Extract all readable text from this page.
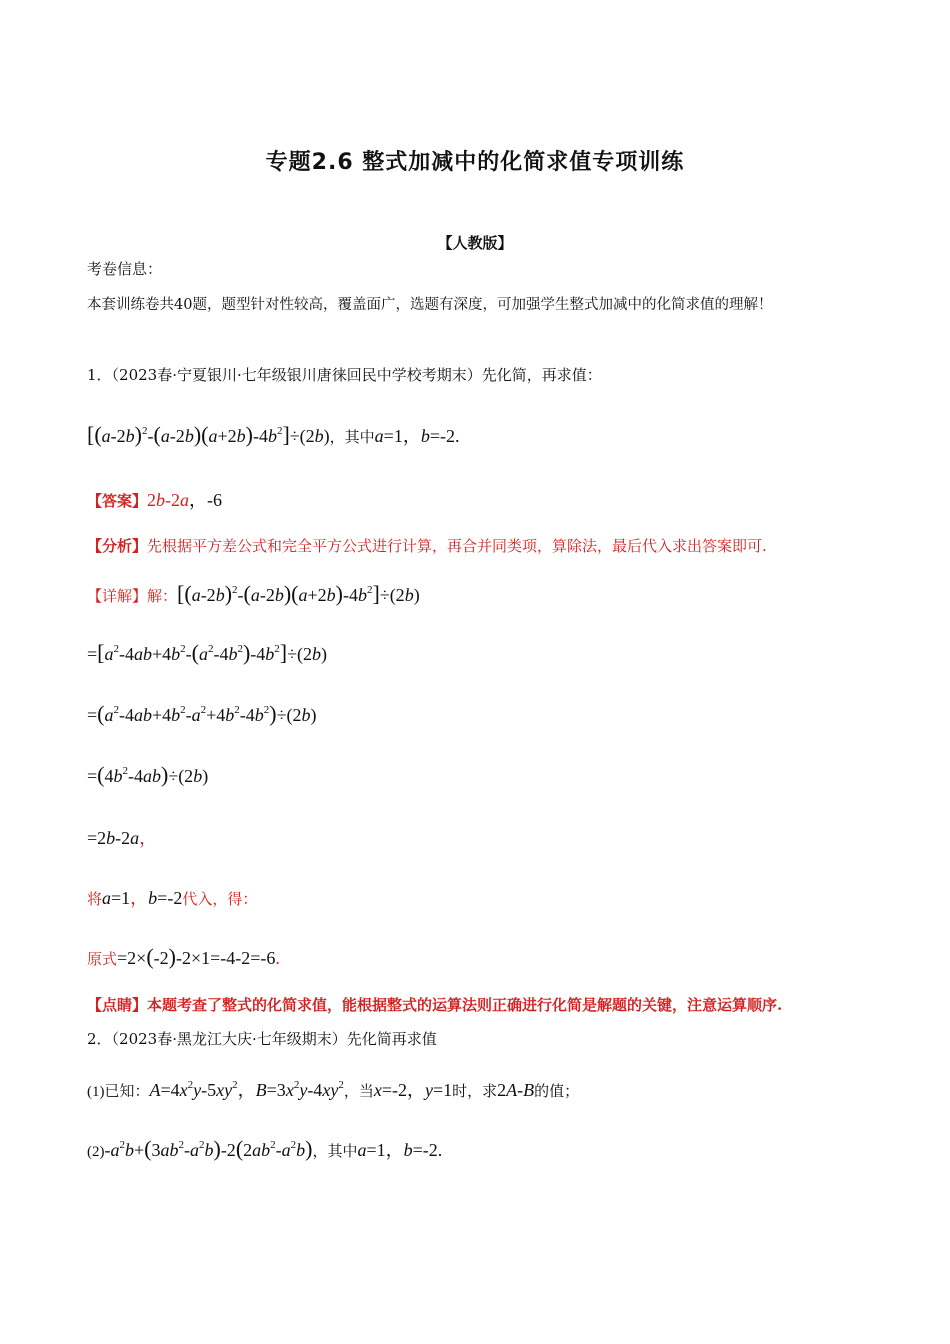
专题2.6 整式加减中的化简求值专项训练
【人教版】
考卷信息：
本套训练卷共40题，题型针对性较高，覆盖面广，选题有深度，可加强学生整式加减中的化简求值的理解！
1．（2023春·宁夏银川·七年级银川唐徕回民中学校考期末）先化简，再求值：
$[(a-2b)^2-(a-2b)(a+2b)-4b^2]\div(2b)$，其中a=1，b=-2.
【答案】2b-2a，-6
【分析】先根据平方差公式和完全平方公式进行计算，再合并同类项，算除法，最后代入求出答案即可.
【详解】解：$[(a-2b)^2-(a-2b)(a+2b)-4b^2]\div(2b)$
$=[a^2-4ab+4b^2-(a^2-4b^2)-4b^2]\div(2b)$
$=(a^2-4ab+4b^2-a^2+4b^2-4b^2)\div(2b)$
$=(4b^2-4ab)\div(2b)$
=2b-2a，
将a=1，b=-2代入，得：
原式=2×(-2)-2×1=-4-2=-6.
【点睛】本题考查了整式的化简求值，能根据整式的运算法则正确进行化简是解题的关键，注意运算顺序.
2．（2023春·黑龙江大庆·七年级期末）先化简再求值
(1)已知：$A=4x^2y-5xy^2$，$B=3x^2y-4xy^2$，当x=-2，y=1时，求2A-B的值；
$(2)-a^2b+(3ab^2-a^2b)-2(2ab^2-a^2b)$，其中a=1，b=-2.
